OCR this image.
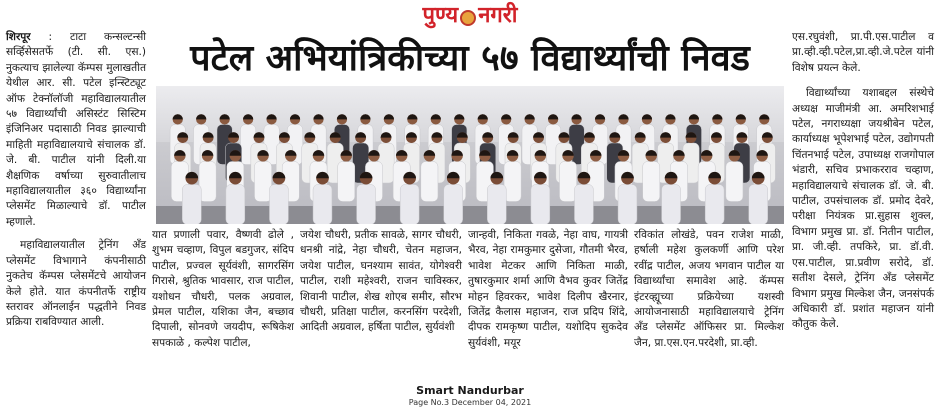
पुण्य नगरी

शिरपूर : टाटा कन्सल्टन्सी सर्व्हिसेसतर्फे (टी. सी. एस.) नुकत्याच झालेल्या कॅम्पस मुलाखतीत येथील आर. सी. पटेल इन्स्टिट्यूट ऑफ टेक्नॉलॉजी महाविद्यालयातील ५७ विद्यार्थ्यांची असिस्टंट सिस्टिम इंजिनिअर पदासाठी निवड झाल्याची माहिती महाविद्यालयाचे संचालक डॉ. जे. बी. पाटील यांनी दिली.या शैक्षणिक वर्षाच्या सुरुवातीलाच महाविद्यालयातील ३६० विद्यार्थ्यांना प्लेसमेंट मिळाल्याचे डॉ. पाटील म्हणाले.

महाविद्यालयातील ट्रेनिंग अँड प्लेसमेंट विभागाने कंपनीसाठी नुकतेच कॅम्पस प्लेसमेंटचे आयोजन केले होते. यात कंपनीतर्फे राष्ट्रीय स्तरावर ऑनलाईन पद्धतीने निवड प्रक्रिया राबविण्यात आली.

पटेल अभियांत्रिकीच्या ५७ विद्यार्थ्यांची निवड
यात प्रणाली पवार, वैष्णवी ढोले , शुभम चव्हाण, विपुल बडगुजर, संदिप पाटील, प्रज्वल सूर्यवंशी, सागरसिंग गिरासे, श्रुतिक भावसार, राज पाटील, यशोधन चौधरी, पलक अग्रवाल, प्रेमल पाटील, यशिका जैन, बच्छाव दिपाली, सोनवणे जयदीप, रूषिकेश सपकाळे , कल्पेश पाटील,
जयेश चौधरी, प्रतीक सावळे, सागर चौधरी, धनश्री नांद्रे, नेहा चौधरी, चेतन महाजन, जयेश पाटील, घनश्याम सावंत, योगेश्वरी पाटील, राशी महेश्वरी, राजन चाविस्कर, शिवानी पाटील, शेख शोएब समीर, सौरभ चौधरी, प्रतिक्षा पाटील, करनसिंग परदेशी, आदिती अग्रवाल, हर्षिता पाटील, सुर्यवंशी
जान्हवी, निकिता गवळे, नेहा वाघ, गायत्री भैरव, नेहा रामकुमार दुसेजा, गौतमी भैरव, भावेश मेटकर आणि निकिता माळी, तुषारकुमार शर्मा आणि वैभव कुवर जितेंद्र मोहन हिवरकर, भावेश दिलीप खैरनार, जितेंद्र कैलास महाजन, राज प्रदिप शिंदे, दीपक रामकृष्ण पाटील, यशोदिप सुकदेव सुर्यवंशी, मयूर
रविकांत लोखंडे, पवन राजेश माळी, हर्षाली महेश कुलकर्णी आणि परेश रवींद्र पाटील, अजय भगवान पाटील या विद्यार्थ्यांचा समावेश आहे. कॅम्पस इंटरव्ह्यूच्या प्रक्रियेच्या यशस्वी आयोजनासाठी महाविद्यालयाचे ट्रेनिंग अँड प्लेसमेंट ऑफिसर प्रा. मिल्केश जैन, प्रा.एस.एन.परदेशी, प्रा.व्ही.

एस.रघुवंशी, प्रा.पी.एस.पाटील व प्रा.व्ही.व्ही.पटेल,प्रा.व्ही.जे.पटेल यांनी विशेष प्रयत्न केले.

विद्यार्थ्यांच्या यशाबद्दल संस्थेचे अध्यक्ष माजीमंत्री आ. अमरिशभाई पटेल, नगराध्यक्षा जयश्रीबेन पटेल, कार्याध्यक्ष भूपेशभाई पटेल, उद्योगपती चिंतनभाई पटेल, उपाध्यक्ष राजगोपाल भंडारी, सचिव प्रभाकरराव चव्हाण, महाविद्यालयाचे संचालक डॉ. जे. बी. पाटील, उपसंचालक डॉ. प्रमोद देवरे, परीक्षा नियंत्रक प्रा.सुहास शुक्ल, विभाग प्रमुख प्रा. डॉ. नितीन पाटील, प्रा. जी.व्ही. तपकिरे, प्रा. डॉ.वी. एस.पाटील, प्रा.प्रवीण सरोदे, डॉ. सतीश देसले, ट्रेनिंग अँड प्लेसमेंट विभाग प्रमुख मिल्केश जैन, जनसंपर्क अधिकारी डॉ. प्रशांत महाजन यांनी कौतुक केले.

Smart Nandurbar
Page No.3 December 04, 2021
